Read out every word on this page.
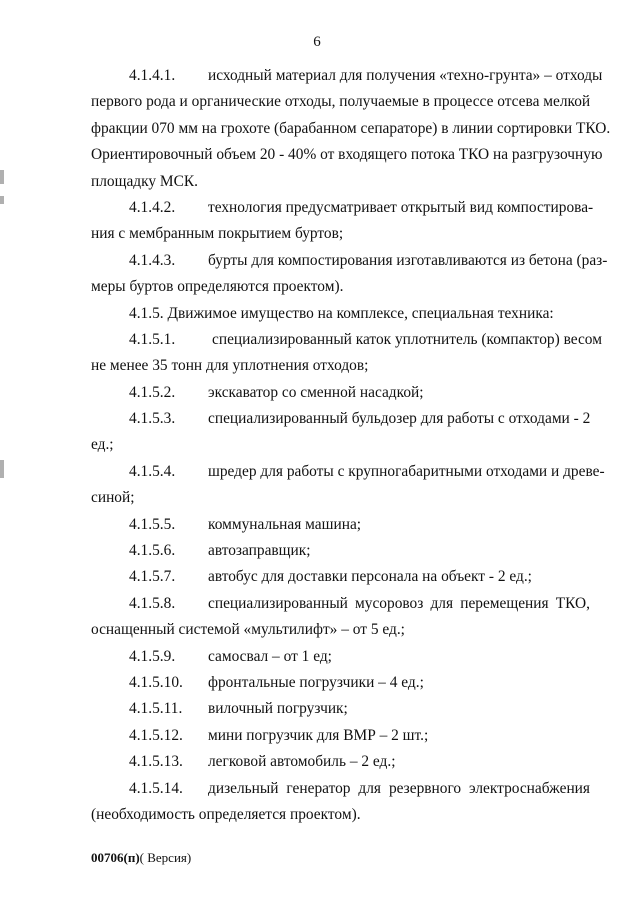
6
4.1.4.1. исходный материал для получения «техно-грунта» – отходы
первого рода и органические отходы, получаемые в процессе отсева мелкой
фракции 070 мм на грохоте (барабанном сепараторе) в линии сортировки ТКО.
Ориентировочный объем 20 - 40% от входящего потока ТКО на разгрузочную
площадку МСК.
4.1.4.2. технология предусматривает открытый вид компостирова-
ния с мембранным покрытием буртов;
4.1.4.3. бурты для компостирования изготавливаются из бетона (раз-
меры буртов определяются проектом).
4.1.5. Движимое имущество на комплексе, специальная техника:
4.1.5.1. специализированный каток уплотнитель (компактор) весом
не менее 35 тонн для уплотнения отходов;
4.1.5.2. экскаватор со сменной насадкой;
4.1.5.3. специализированный бульдозер для работы с отходами - 2
ед.;
4.1.5.4. шредер для работы с крупногабаритными отходами и древе-
синой;
4.1.5.5. коммунальная машина;
4.1.5.6. автозаправщик;
4.1.5.7. автобус для доставки персонала на объект - 2 ед.;
4.1.5.8. специализированный мусоровоз для перемещения ТКО,
оснащенный системой «мультилифт» – от 5 ед.;
4.1.5.9. самосвал – от 1 ед;
4.1.5.10. фронтальные погрузчики – 4 ед.;
4.1.5.11. вилочный погрузчик;
4.1.5.12. мини погрузчик для ВМР – 2 шт.;
4.1.5.13. легковой автомобиль – 2 ед.;
4.1.5.14. дизельный генератор для резервного электроснабжения
(необходимость определяется проектом).
00706(п)( Версия)
